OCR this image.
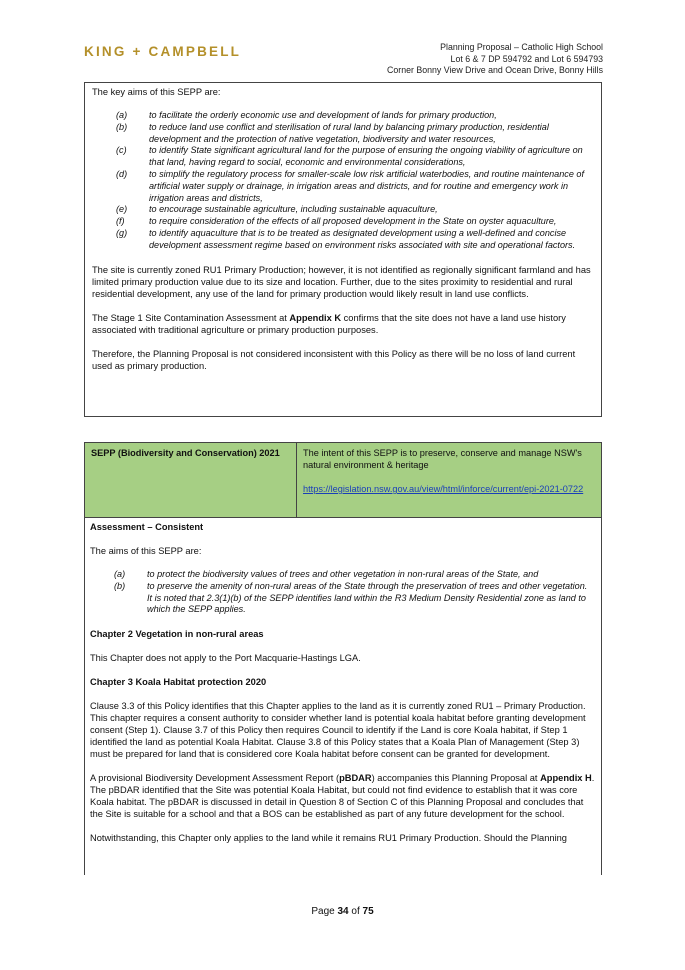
KING + CAMPBELL	Planning Proposal – Catholic High School
Lot 6 & 7 DP 594792 and Lot 6 594793
Corner Bonny View Drive and Ocean Drive, Bonny Hills

The key aims of this SEPP are:

(a)	to facilitate the orderly economic use and development of lands for primary production,
(b)	to reduce land use conflict and sterilisation of rural land by balancing primary production, residential development and the protection of native vegetation, biodiversity and water resources,
(c)	to identify State significant agricultural land for the purpose of ensuring the ongoing viability of agriculture on that land, having regard to social, economic and environmental considerations,
(d)	to simplify the regulatory process for smaller-scale low risk artificial waterbodies, and routine maintenance of artificial water supply or drainage, in irrigation areas and districts, and for routine and emergency work in irrigation areas and districts,
(e)	to encourage sustainable agriculture, including sustainable aquaculture,
(f)	to require consideration of the effects of all proposed development in the State on oyster aquaculture,
(g)	to identify aquaculture that is to be treated as designated development using a well-defined and concise development assessment regime based on environment risks associated with site and operational factors.

The site is currently zoned RU1 Primary Production; however, it is not identified as regionally significant farmland and has limited primary production value due to its size and location. Further, due to the sites proximity to residential and rural residential development, any use of the land for primary production would likely result in land use conflicts.

The Stage 1 Site Contamination Assessment at Appendix K confirms that the site does not have a land use history associated with traditional agriculture or primary production purposes.

Therefore, the Planning Proposal is not considered inconsistent with this Policy as there will be no loss of land current used as primary production.

SEPP (Biodiversity and Conservation) 2021	The intent of this SEPP is to preserve, conserve and manage NSW's natural environment & heritage
https://legislation.nsw.gov.au/view/html/inforce/current/epi-2021-0722

Assessment – Consistent

The aims of this SEPP are:

(a)	to protect the biodiversity values of trees and other vegetation in non-rural areas of the State, and
(b)	to preserve the amenity of non-rural areas of the State through the preservation of trees and other vegetation. It is noted that 2.3(1)(b) of the SEPP identifies land within the R3 Medium Density Residential zone as land to which the SEPP applies.

Chapter 2 Vegetation in non-rural areas

This Chapter does not apply to the Port Macquarie-Hastings LGA.

Chapter 3 Koala Habitat protection 2020

Clause 3.3 of this Policy identifies that this Chapter applies to the land as it is currently zoned RU1 – Primary Production. This chapter requires a consent authority to consider whether land is potential koala habitat before granting development consent (Step 1). Clause 3.7 of this Policy then requires Council to identify if the Land is core Koala habitat, if Step 1 identified the land as potential Koala Habitat. Clause 3.8 of this Policy states that a Koala Plan of Management (Step 3) must be prepared for land that is considered core Koala habitat before consent can be granted for development.

A provisional Biodiversity Development Assessment Report (pBDAR) accompanies this Planning Proposal at Appendix H. The pBDAR identified that the Site was potential Koala Habitat, but could not find evidence to establish that it was core Koala habitat. The pBDAR is discussed in detail in Question 8 of Section C of this Planning Proposal and concludes that the Site is suitable for a school and that a BOS can be established as part of any future development for the school.

Notwithstanding, this Chapter only applies to the land while it remains RU1 Primary Production. Should the Planning

Page 34 of 75
